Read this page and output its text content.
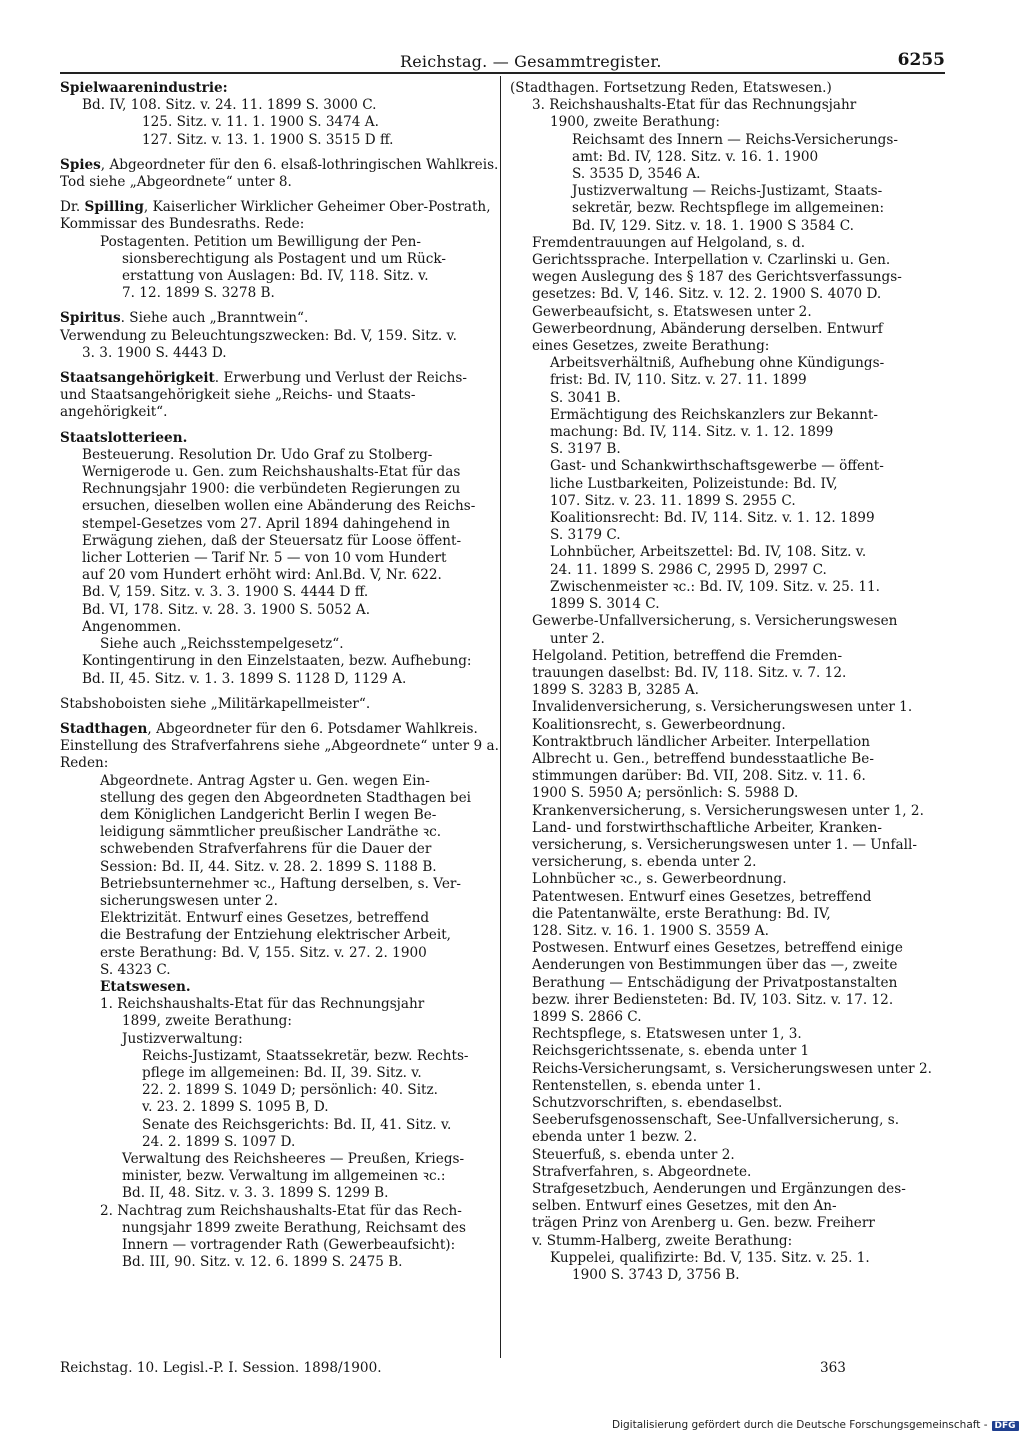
Reichstag. — Gesammtregister.	6255
Spielwaarenindustrie:
Bd. IV, 108. Sitz. v. 24. 11. 1899 S. 3000 C.
125. Sitz. v. 11. 1. 1900 S. 3474 A.
127. Sitz. v. 13. 1. 1900 S. 3515 D ff.
Spies, Abgeordneter für den 6. elsaß-lothringischen Wahlkreis.
Tod siehe „Abgeordnete“ unter 8.
Dr. Spilling, Kaiserlicher Wirklicher Geheimer Ober-Postrath,
Kommissar des Bundesraths. Rede:
Postagenten. Petition um Bewilligung der Pen-
sionsberechtigung als Postagent und um Rück-
erstattung von Auslagen: Bd. IV, 118. Sitz. v.
7. 12. 1899 S. 3278 B.
Spiritus. Siehe auch „Branntwein“.
Verwendung zu Beleuchtungszwecken: Bd. V, 159. Sitz. v.
3. 3. 1900 S. 4443 D.
Staatsangehörigkeit. Erwerbung und Verlust der Reichs-
und Staatsangehörigkeit siehe „Reichs- und Staats-
angehörigkeit“.
Staatslotterieen.
Besteuerung. Resolution Dr. Udo Graf zu Stolberg-
Wernigerode u. Gen. zum Reichshaushalts-Etat für das
Rechnungsjahr 1900: die verbündeten Regierungen zu
ersuchen, dieselben wollen eine Abänderung des Reichs-
stempel-Gesetzes vom 27. April 1894 dahingehend in
Erwägung ziehen, daß der Steuersatz für Loose öffent-
licher Lotterien — Tarif Nr. 5 — von 10 vom Hundert
auf 20 vom Hundert erhöht wird: Anl.Bd. V, Nr. 622.
Bd. V, 159. Sitz. v. 3. 3. 1900 S. 4444 D ff.
Bd. VI, 178. Sitz. v. 28. 3. 1900 S. 5052 A.
Angenommen.
Siehe auch „Reichsstempelgesetz“.
Kontingentirung in den Einzelstaaten, bezw. Aufhebung:
Bd. II, 45. Sitz. v. 1. 3. 1899 S. 1128 D, 1129 A.
Stabshoboisten siehe „Militärkapellmeister“.
Stadthagen, Abgeordneter für den 6. Potsdamer Wahlkreis.
Einstellung des Strafverfahrens siehe „Abgeordnete“ unter 9 a.
Reden:
Abgeordnete. Antrag Agster u. Gen. wegen Ein-
stellung des gegen den Abgeordneten Stadthagen bei
dem Königlichen Landgericht Berlin I wegen Be-
leidigung sämmtlicher preußischer Landräthe ꝛc.
schwebenden Strafverfahrens für die Dauer der
Session: Bd. II, 44. Sitz. v. 28. 2. 1899 S. 1188 B.
Betriebsunternehmer ꝛc., Haftung derselben, s. Ver-
sicherungswesen unter 2.
Elektrizität. Entwurf eines Gesetzes, betreffend
die Bestrafung der Entziehung elektrischer Arbeit,
erste Berathung: Bd. V, 155. Sitz. v. 27. 2. 1900
S. 4323 C.
Etatswesen.
1. Reichshaushalts-Etat für das Rechnungsjahr
1899, zweite Berathung:
Justizverwaltung:
Reichs-Justizamt, Staatssekretär, bezw. Rechts-
pflege im allgemeinen: Bd. II, 39. Sitz. v.
22. 2. 1899 S. 1049 D; persönlich: 40. Sitz.
v. 23. 2. 1899 S. 1095 B, D.
Senate des Reichsgerichts: Bd. II, 41. Sitz. v.
24. 2. 1899 S. 1097 D.
Verwaltung des Reichsheeres — Preußen, Kriegs-
minister, bezw. Verwaltung im allgemeinen ꝛc.:
Bd. II, 48. Sitz. v. 3. 3. 1899 S. 1299 B.
2. Nachtrag zum Reichshaushalts-Etat für das Rech-
nungsjahr 1899 zweite Berathung, Reichsamt des
Innern — vortragender Rath (Gewerbeaufsicht):
Bd. III, 90. Sitz. v. 12. 6. 1899 S. 2475 B.
(Stadthagen. Fortsetzung Reden, Etatswesen.)
3. Reichshaushalts-Etat für das Rechnungsjahr
1900, zweite Berathung:
Reichsamt des Innern — Reichs-Versicherungs-
amt: Bd. IV, 128. Sitz. v. 16. 1. 1900
S. 3535 D, 3546 A.
Justizverwaltung — Reichs-Justizamt, Staats-
sekretär, bezw. Rechtspflege im allgemeinen:
Bd. IV, 129. Sitz. v. 18. 1. 1900 S 3584 C.
Fremdentrauungen auf Helgoland, s. d.
Gerichtssprache. Interpellation v. Czarlinski u. Gen.
wegen Auslegung des § 187 des Gerichtsverfassungs-
gesetzes: Bd. V, 146. Sitz. v. 12. 2. 1900 S. 4070 D.
Gewerbeaufsicht, s. Etatswesen unter 2.
Gewerbeordnung, Abänderung derselben. Entwurf
eines Gesetzes, zweite Berathung:
Arbeitsverhältniß, Aufhebung ohne Kündigungs-
frist: Bd. IV, 110. Sitz. v. 27. 11. 1899
S. 3041 B.
Ermächtigung des Reichskanzlers zur Bekannt-
machung: Bd. IV, 114. Sitz. v. 1. 12. 1899
S. 3197 B.
Gast- und Schankwirthschaftsgewerbe — öffent-
liche Lustbarkeiten, Polizeistunde: Bd. IV,
107. Sitz. v. 23. 11. 1899 S. 2955 C.
Koalitionsrecht: Bd. IV, 114. Sitz. v. 1. 12. 1899
S. 3179 C.
Lohnbücher, Arbeitszettel: Bd. IV, 108. Sitz. v.
24. 11. 1899 S. 2986 C, 2995 D, 2997 C.
Zwischenmeister ꝛc.: Bd. IV, 109. Sitz. v. 25. 11.
1899 S. 3014 C.
Gewerbe-Unfallversicherung, s. Versicherungswesen
unter 2.
Helgoland. Petition, betreffend die Fremden-
trauungen daselbst: Bd. IV, 118. Sitz. v. 7. 12.
1899 S. 3283 B, 3285 A.
Invalidenversicherung, s. Versicherungswesen unter 1.
Koalitionsrecht, s. Gewerbeordnung.
Kontraktbruch ländlicher Arbeiter. Interpellation
Albrecht u. Gen., betreffend bundesstaatliche Be-
stimmungen darüber: Bd. VII, 208. Sitz. v. 11. 6.
1900 S. 5950 A; persönlich: S. 5988 D.
Krankenversicherung, s. Versicherungswesen unter 1, 2.
Land- und forstwirthschaftliche Arbeiter, Kranken-
versicherung, s. Versicherungswesen unter 1. — Unfall-
versicherung, s. ebenda unter 2.
Lohnbücher ꝛc., s. Gewerbeordnung.
Patentwesen. Entwurf eines Gesetzes, betreffend
die Patentanwälte, erste Berathung: Bd. IV,
128. Sitz. v. 16. 1. 1900 S. 3559 A.
Postwesen. Entwurf eines Gesetzes, betreffend einige
Aenderungen von Bestimmungen über das —, zweite
Berathung — Entschädigung der Privatpostanstalten
bezw. ihrer Bediensteten: Bd. IV, 103. Sitz. v. 17. 12.
1899 S. 2866 C.
Rechtspflege, s. Etatswesen unter 1, 3.
Reichsgerichtssenate, s. ebenda unter 1
Reichs-Versicherungsamt, s. Versicherungswesen unter 2.
Rentenstellen, s. ebenda unter 1.
Schutzvorschriften, s. ebendaselbst.
Seeberufsgenossenschaft, See-Unfallversicherung, s.
ebenda unter 1 bezw. 2.
Steuerfuß, s. ebenda unter 2.
Strafverfahren, s. Abgeordnete.
Strafgesetzbuch, Aenderungen und Ergänzungen des-
selben. Entwurf eines Gesetzes, mit den An-
trägen Prinz von Arenberg u. Gen. bezw. Freiherr
v. Stumm-Halberg, zweite Berathung:
Kuppelei, qualifizirte: Bd. V, 135. Sitz. v. 25. 1.
1900 S. 3743 D, 3756 B.
Reichstag. 10. Legisl.-P. I. Session. 1898/1900.	363
Digitalisierung gefördert durch die Deutsche Forschungsgemeinschaft - DFG
